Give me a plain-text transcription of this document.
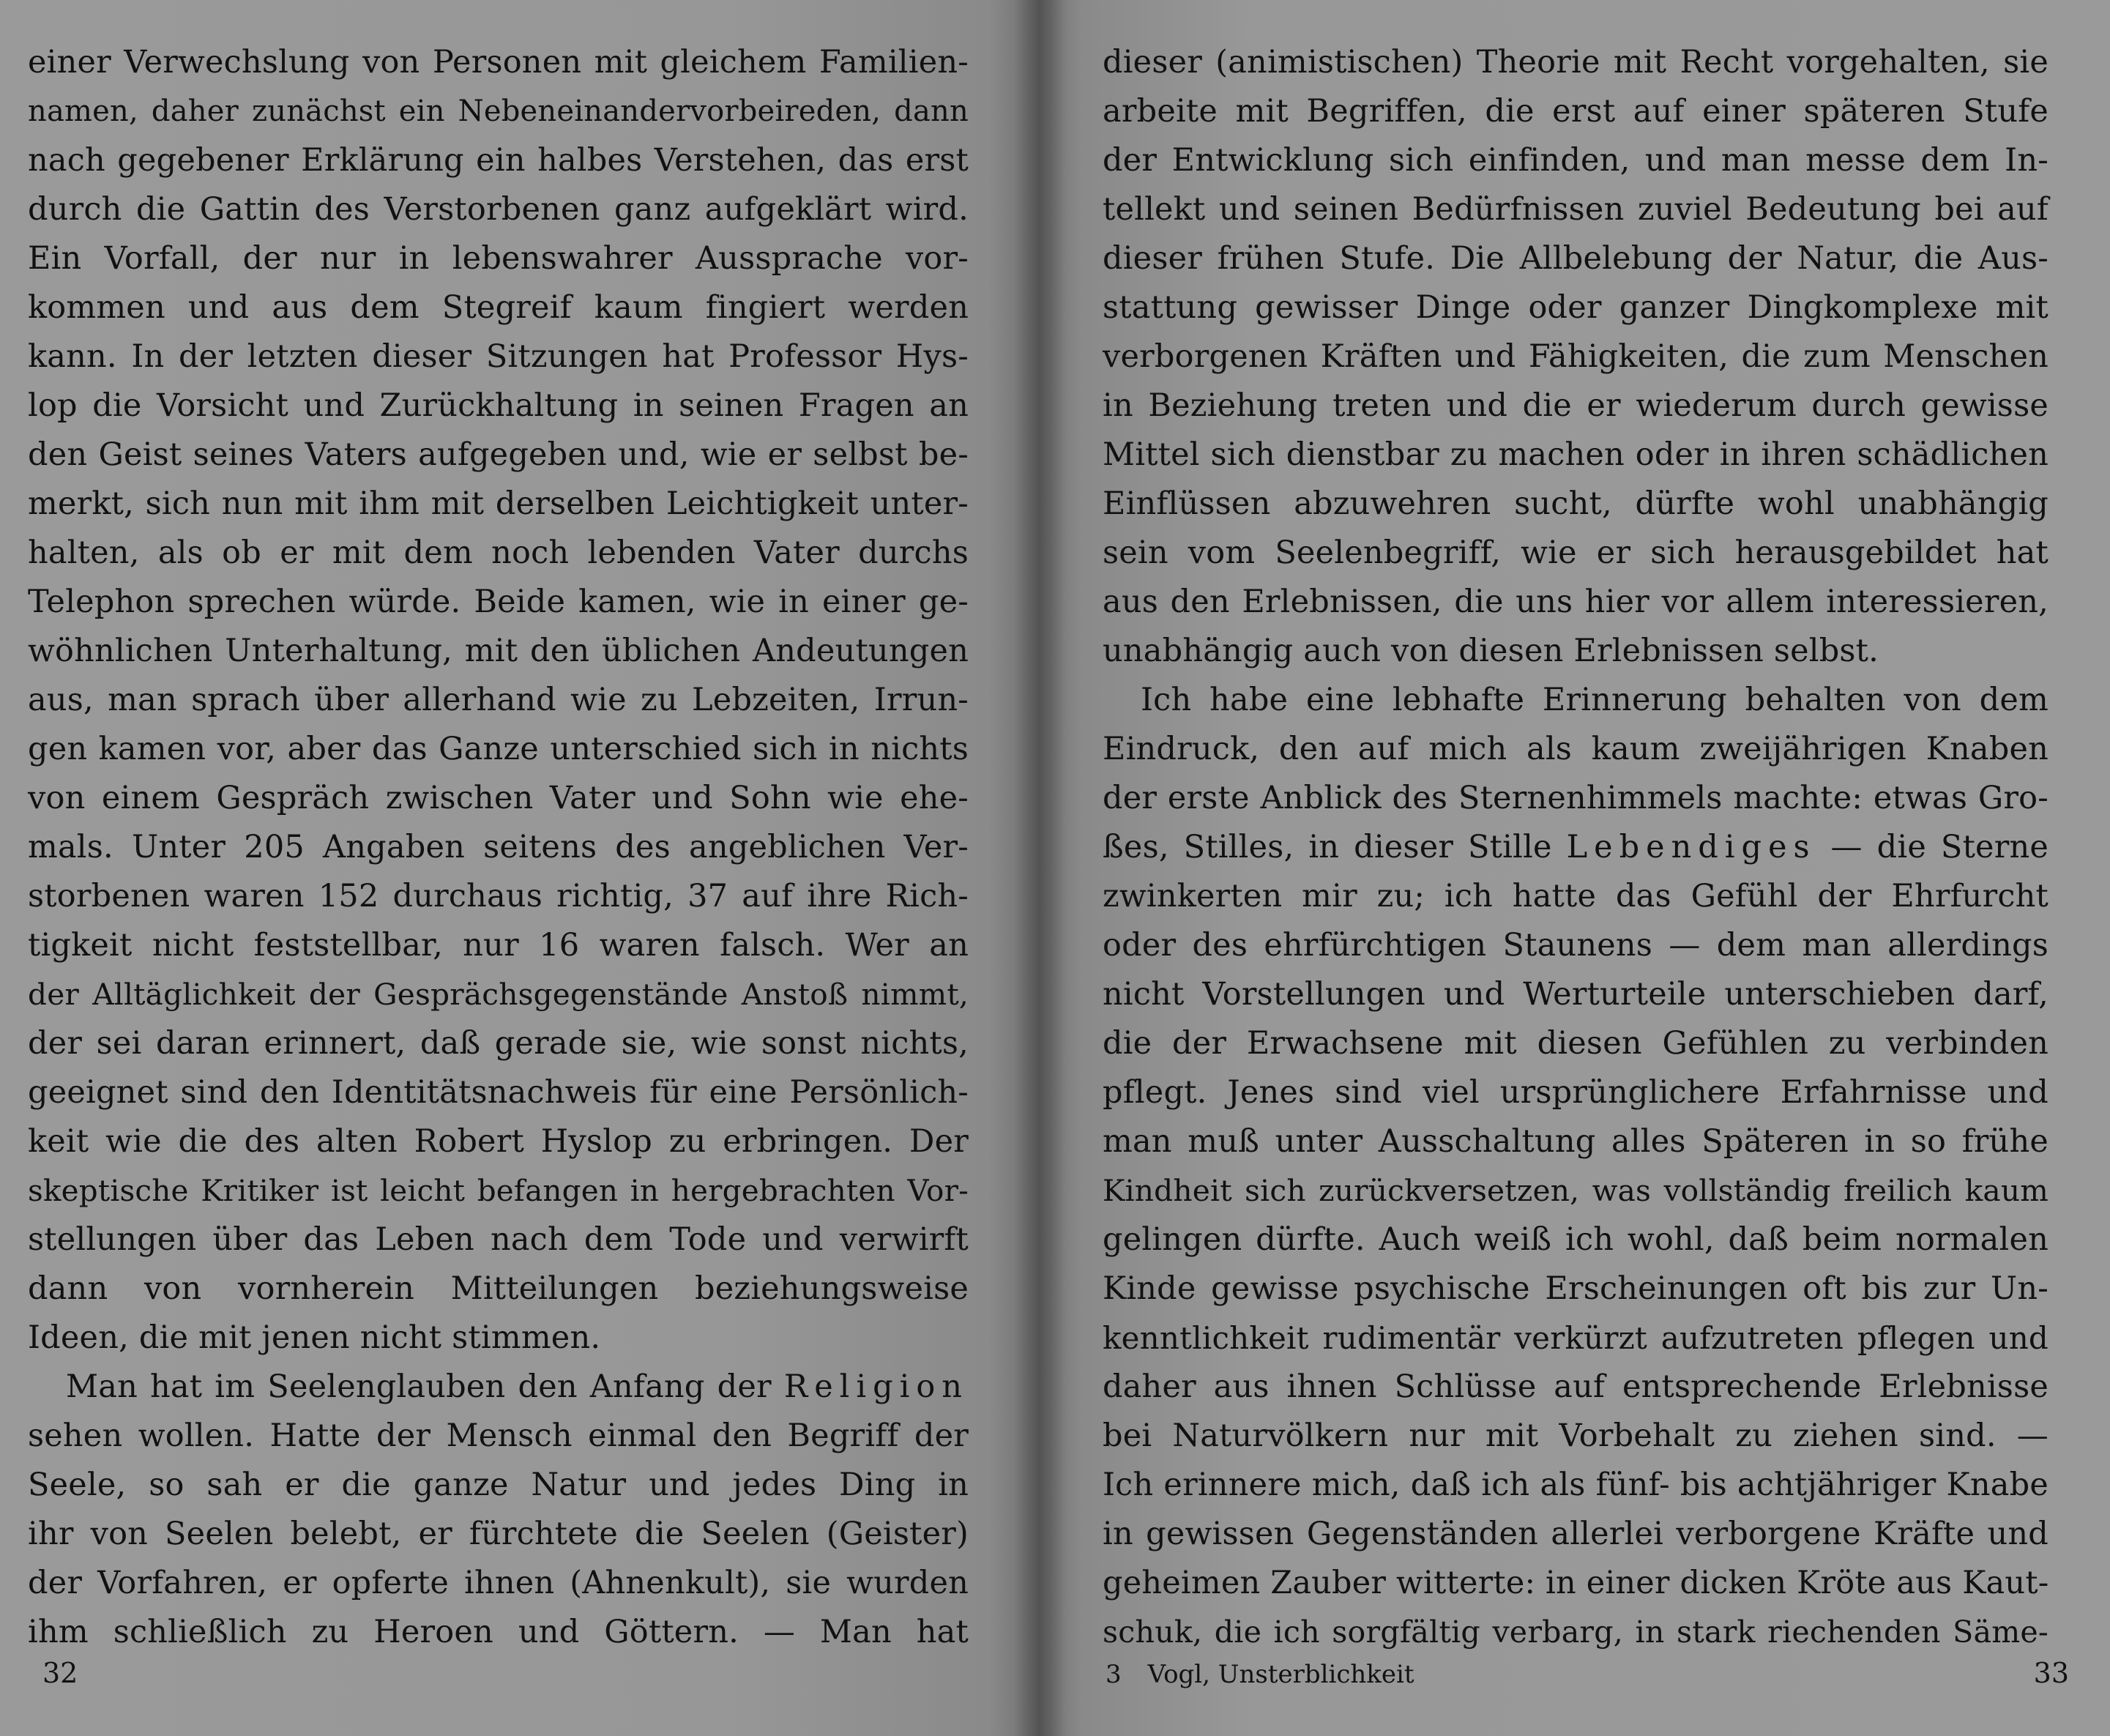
einer Verwechslung von Personen mit gleichem Familien-
namen, daher zunächst ein Nebeneinandervorbeireden, dann
nach gegebener Erklärung ein halbes Verstehen, das erst
durch die Gattin des Verstorbenen ganz aufgeklärt wird.
Ein Vorfall, der nur in lebenswahrer Aussprache vor-
kommen und aus dem Stegreif kaum fingiert werden
kann. In der letzten dieser Sitzungen hat Professor Hys-
lop die Vorsicht und Zurückhaltung in seinen Fragen an
den Geist seines Vaters aufgegeben und, wie er selbst be-
merkt, sich nun mit ihm mit derselben Leichtigkeit unter-
halten, als ob er mit dem noch lebenden Vater durchs
Telephon sprechen würde. Beide kamen, wie in einer ge-
wöhnlichen Unterhaltung, mit den üblichen Andeutungen
aus, man sprach über allerhand wie zu Lebzeiten, Irrun-
gen kamen vor, aber das Ganze unterschied sich in nichts
von einem Gespräch zwischen Vater und Sohn wie ehe-
mals. Unter 205 Angaben seitens des angeblichen Ver-
storbenen waren 152 durchaus richtig, 37 auf ihre Rich-
tigkeit nicht feststellbar, nur 16 waren falsch. Wer an
der Alltäglichkeit der Gesprächsgegenstände Anstoß nimmt,
der sei daran erinnert, daß gerade sie, wie sonst nichts,
geeignet sind den Identitätsnachweis für eine Persönlich-
keit wie die des alten Robert Hyslop zu erbringen. Der
skeptische Kritiker ist leicht befangen in hergebrachten Vor-
stellungen über das Leben nach dem Tode und verwirft
dann von vornherein Mitteilungen beziehungsweise
Ideen, die mit jenen nicht stimmen.
Man hat im Seelenglauben den Anfang der Religion
sehen wollen. Hatte der Mensch einmal den Begriff der
Seele, so sah er die ganze Natur und jedes Ding in
ihr von Seelen belebt, er fürchtete die Seelen (Geister)
der Vorfahren, er opferte ihnen (Ahnenkult), sie wurden
ihm schließlich zu Heroen und Göttern. — Man hat
32
dieser (animistischen) Theorie mit Recht vorgehalten, sie
arbeite mit Begriffen, die erst auf einer späteren Stufe
der Entwicklung sich einfinden, und man messe dem In-
tellekt und seinen Bedürfnissen zuviel Bedeutung bei auf
dieser frühen Stufe. Die Allbelebung der Natur, die Aus-
stattung gewisser Dinge oder ganzer Dingkomplexe mit
verborgenen Kräften und Fähigkeiten, die zum Menschen
in Beziehung treten und die er wiederum durch gewisse
Mittel sich dienstbar zu machen oder in ihren schädlichen
Einflüssen abzuwehren sucht, dürfte wohl unabhängig
sein vom Seelenbegriff, wie er sich herausgebildet hat
aus den Erlebnissen, die uns hier vor allem interessieren,
unabhängig auch von diesen Erlebnissen selbst.
Ich habe eine lebhafte Erinnerung behalten von dem
Eindruck, den auf mich als kaum zweijährigen Knaben
der erste Anblick des Sternenhimmels machte: etwas Gro-
ßes, Stilles, in dieser Stille Lebendiges — die Sterne
zwinkerten mir zu; ich hatte das Gefühl der Ehrfurcht
oder des ehrfürchtigen Staunens — dem man allerdings
nicht Vorstellungen und Werturteile unterschieben darf,
die der Erwachsene mit diesen Gefühlen zu verbinden
pflegt. Jenes sind viel ursprünglichere Erfahrnisse und
man muß unter Ausschaltung alles Späteren in so frühe
Kindheit sich zurückversetzen, was vollständig freilich kaum
gelingen dürfte. Auch weiß ich wohl, daß beim normalen
Kinde gewisse psychische Erscheinungen oft bis zur Un-
kenntlichkeit rudimentär verkürzt aufzutreten pflegen und
daher aus ihnen Schlüsse auf entsprechende Erlebnisse
bei Naturvölkern nur mit Vorbehalt zu ziehen sind. —
Ich erinnere mich, daß ich als fünf- bis achtjähriger Knabe
in gewissen Gegenständen allerlei verborgene Kräfte und
geheimen Zauber witterte: in einer dicken Kröte aus Kaut-
schuk, die ich sorgfältig verbarg, in stark riechenden Säme-
3 Vogl, Unsterblichkeit	33
